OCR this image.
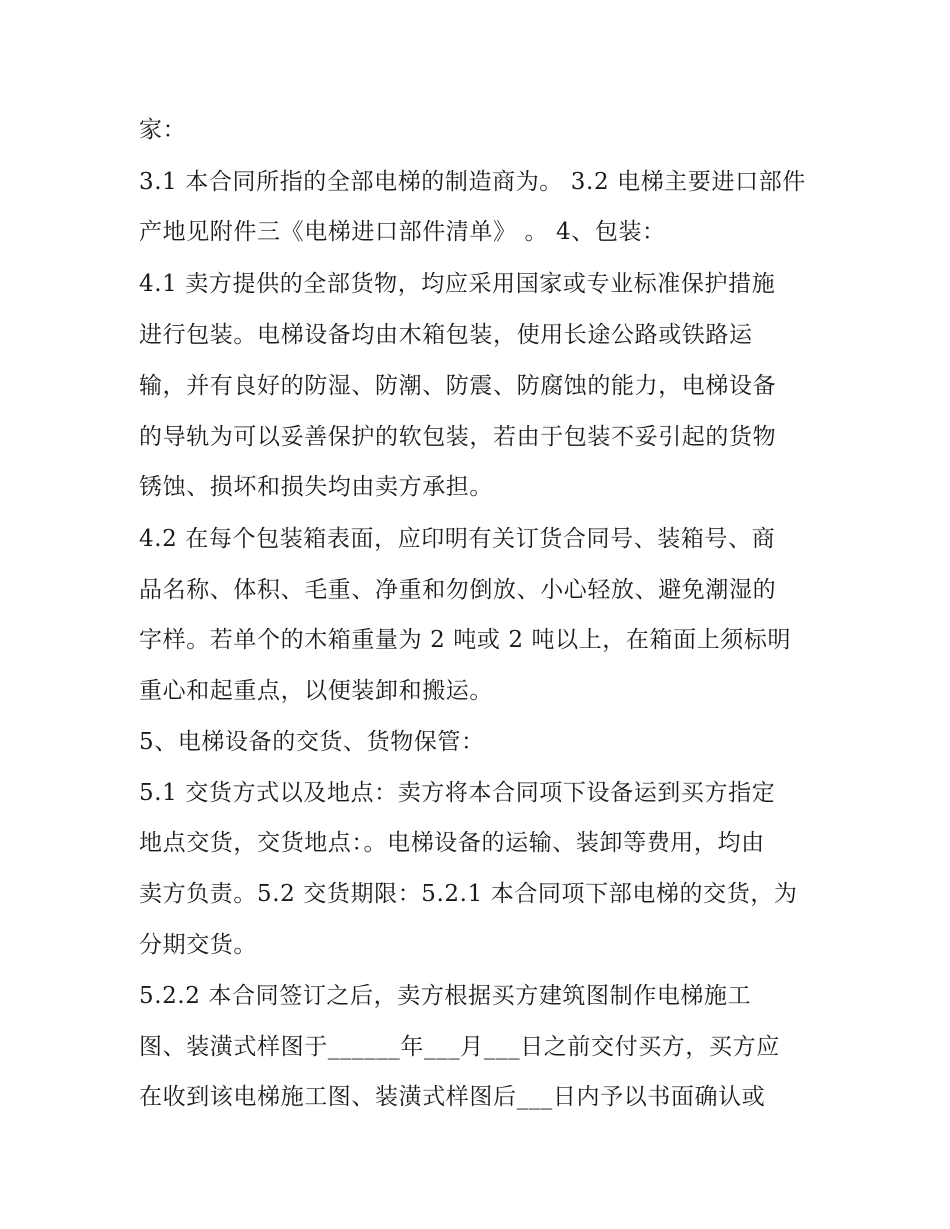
家：
3.1 本合同所指的全部电梯的制造商为。 3.2 电梯主要进口部件
产地见附件三《电梯进口部件清单》 。 4、包装：
4.1 卖方提供的全部货物，均应采用国家或专业标准保护措施
进行包装。电梯设备均由木箱包装，使用长途公路或铁路运
输，并有良好的防湿、防潮、防震、防腐蚀的能力，电梯设备
的导轨为可以妥善保护的软包装，若由于包装不妥引起的货物
锈蚀、损坏和损失均由卖方承担。
4.2 在每个包装箱表面，应印明有关订货合同号、装箱号、商
品名称、体积、毛重、净重和勿倒放、小心轻放、避免潮湿的
字样。若单个的木箱重量为 2 吨或 2 吨以上，在箱面上须标明
重心和起重点，以便装卸和搬运。
5、电梯设备的交货、货物保管：
5.1 交货方式以及地点：卖方将本合同项下设备运到买方指定
地点交货，交货地点：。电梯设备的运输、装卸等费用，均由
卖方负责。5.2 交货期限：5.2.1 本合同项下部电梯的交货，为
分期交货。
5.2.2 本合同签订之后，卖方根据买方建筑图制作电梯施工
图、装潢式样图于______年___月___日之前交付买方，买方应
在收到该电梯施工图、装潢式样图后___日内予以书面确认或
